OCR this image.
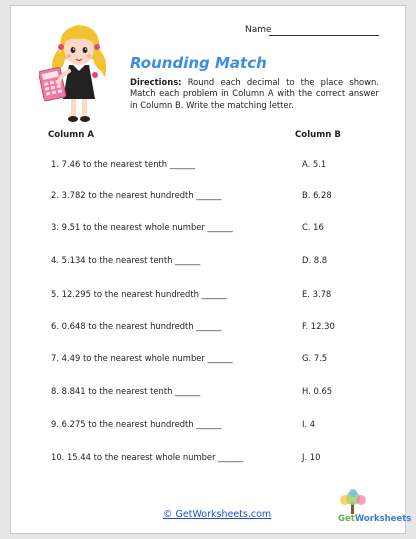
Name
Rounding Match
Directions: Round each decimal to the place shown. Match each problem in Column A with the correct answer in Column B. Write the matching letter.
Column A	Column B
1. 7.46 to the nearest tenth ______
2. 3.782 to the nearest hundredth ______
3. 9.51 to the nearest whole number ______
4. 5.134 to the nearest tenth ______
5. 12.295 to the nearest hundredth ______
6. 0.648 to the nearest hundredth ______
7. 4.49 to the nearest whole number ______
8. 8.841 to the nearest tenth ______
9. 6.275 to the nearest hundredth ______
10. 15.44 to the nearest whole number ______
A. 5.1
B. 6.28
C. 16
D. 8.8
E. 3.78
F. 12.30
G. 7.5
H. 0.65
I. 4
J. 10
© GetWorksheets.com	GetWorksheets
